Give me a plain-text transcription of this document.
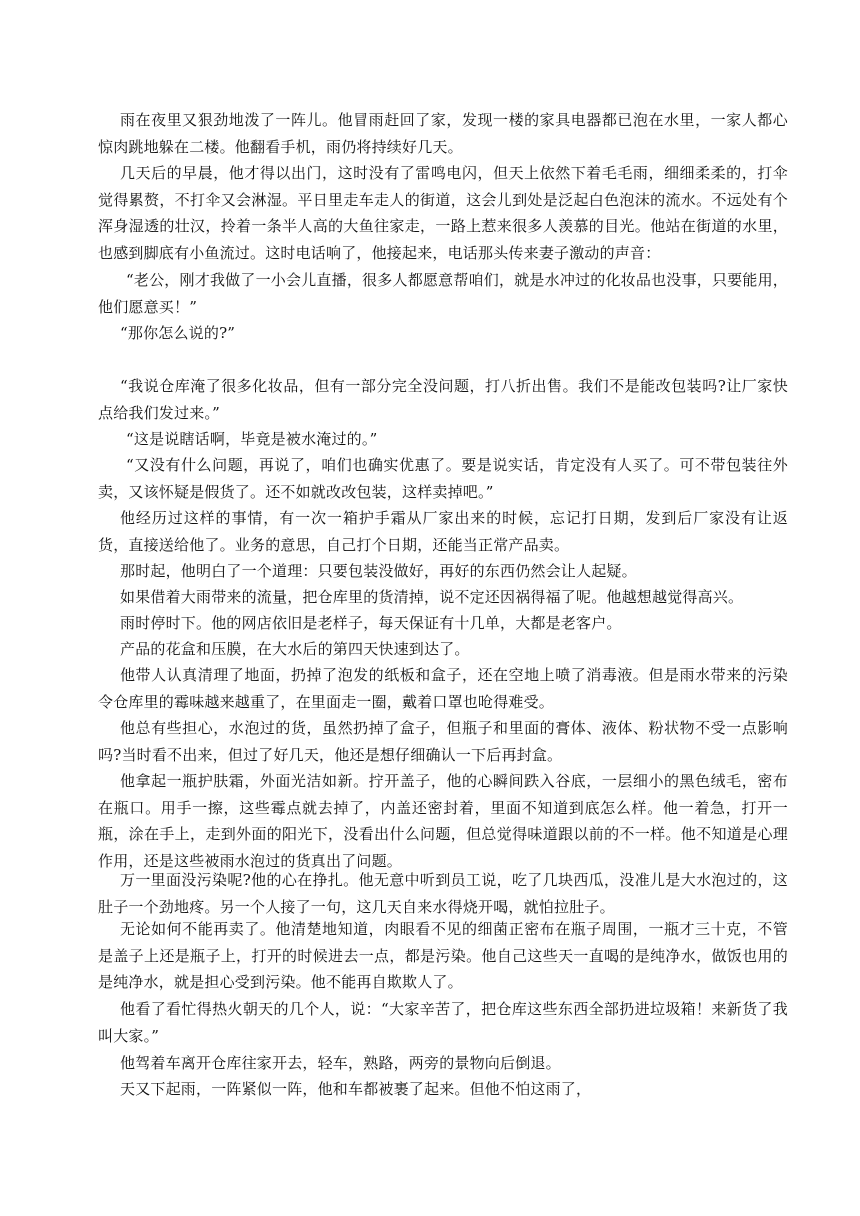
雨在夜里又狠劲地泼了一阵儿。他冒雨赶回了家，发现一楼的家具电器都已泡在水里，一家人都心惊肉跳地躲在二楼。他翻看手机，雨仍将持续好几天。

几天后的早晨，他才得以出门，这时没有了雷鸣电闪，但天上依然下着毛毛雨，细细柔柔的，打伞觉得累赘，不打伞又会淋湿。平日里走车走人的街道，这会儿到处是泛起白色泡沫的流水。不远处有个浑身湿透的壮汉，拎着一条半人高的大鱼往家走，一路上惹来很多人羡慕的目光。他站在街道的水里，也感到脚底有小鱼流过。这时电话响了，他接起来，电话那头传来妻子激动的声音：

“老公，刚才我做了一小会儿直播，很多人都愿意帮咱们，就是水冲过的化妆品也没事，只要能用，他们愿意买！”

“那你怎么说的?”

“我说仓库淹了很多化妆品，但有一部分完全没问题，打八折出售。我们不是能改包装吗?让厂家快点给我们发过来。”

“这是说瞎话啊，毕竟是被水淹过的。”

“又没有什么问题，再说了，咱们也确实优惠了。要是说实话，肯定没有人买了。可不带包装往外卖，又该怀疑是假货了。还不如就改改包装，这样卖掉吧。”

他经历过这样的事情，有一次一箱护手霜从厂家出来的时候，忘记打日期，发到后厂家没有让返货，直接送给他了。业务的意思，自己打个日期，还能当正常产品卖。

那时起，他明白了一个道理：只要包装没做好，再好的东西仍然会让人起疑。

如果借着大雨带来的流量，把仓库里的货清掉，说不定还因祸得福了呢。他越想越觉得高兴。

雨时停时下。他的网店依旧是老样子，每天保证有十几单，大都是老客户。

产品的花盒和压膜，在大水后的第四天快速到达了。

他带人认真清理了地面，扔掉了泡发的纸板和盒子，还在空地上喷了消毒液。但是雨水带来的污染令仓库里的霉味越来越重了，在里面走一圈，戴着口罩也呛得难受。

他总有些担心，水泡过的货，虽然扔掉了盒子，但瓶子和里面的膏体、液体、粉状物不受一点影响吗?当时看不出来，但过了好几天，他还是想仔细确认一下后再封盒。

他拿起一瓶护肤霜，外面光洁如新。拧开盖子，他的心瞬间跌入谷底，一层细小的黑色绒毛，密布在瓶口。用手一擦，这些霉点就去掉了，内盖还密封着，里面不知道到底怎么样。他一着急，打开一瓶，涂在手上，走到外面的阳光下，没看出什么问题，但总觉得味道跟以前的不一样。他不知道是心理作用，还是这些被雨水泡过的货真出了问题。

万一里面没污染呢?他的心在挣扎。他无意中听到员工说，吃了几块西瓜，没准儿是大水泡过的，这肚子一个劲地疼。另一个人接了一句，这几天自来水得烧开喝，就怕拉肚子。

无论如何不能再卖了。他清楚地知道，肉眼看不见的细菌正密布在瓶子周围，一瓶才三十克，不管是盖子上还是瓶子上，打开的时候进去一点，都是污染。他自己这些天一直喝的是纯净水，做饭也用的是纯净水，就是担心受到污染。他不能再自欺欺人了。

他看了看忙得热火朝天的几个人，说：“大家辛苦了，把仓库这些东西全部扔进垃圾箱！来新货了我叫大家。”

他驾着车离开仓库往家开去，轻车，熟路，两旁的景物向后倒退。

天又下起雨，一阵紧似一阵，他和车都被裹了起来。但他不怕这雨了，
